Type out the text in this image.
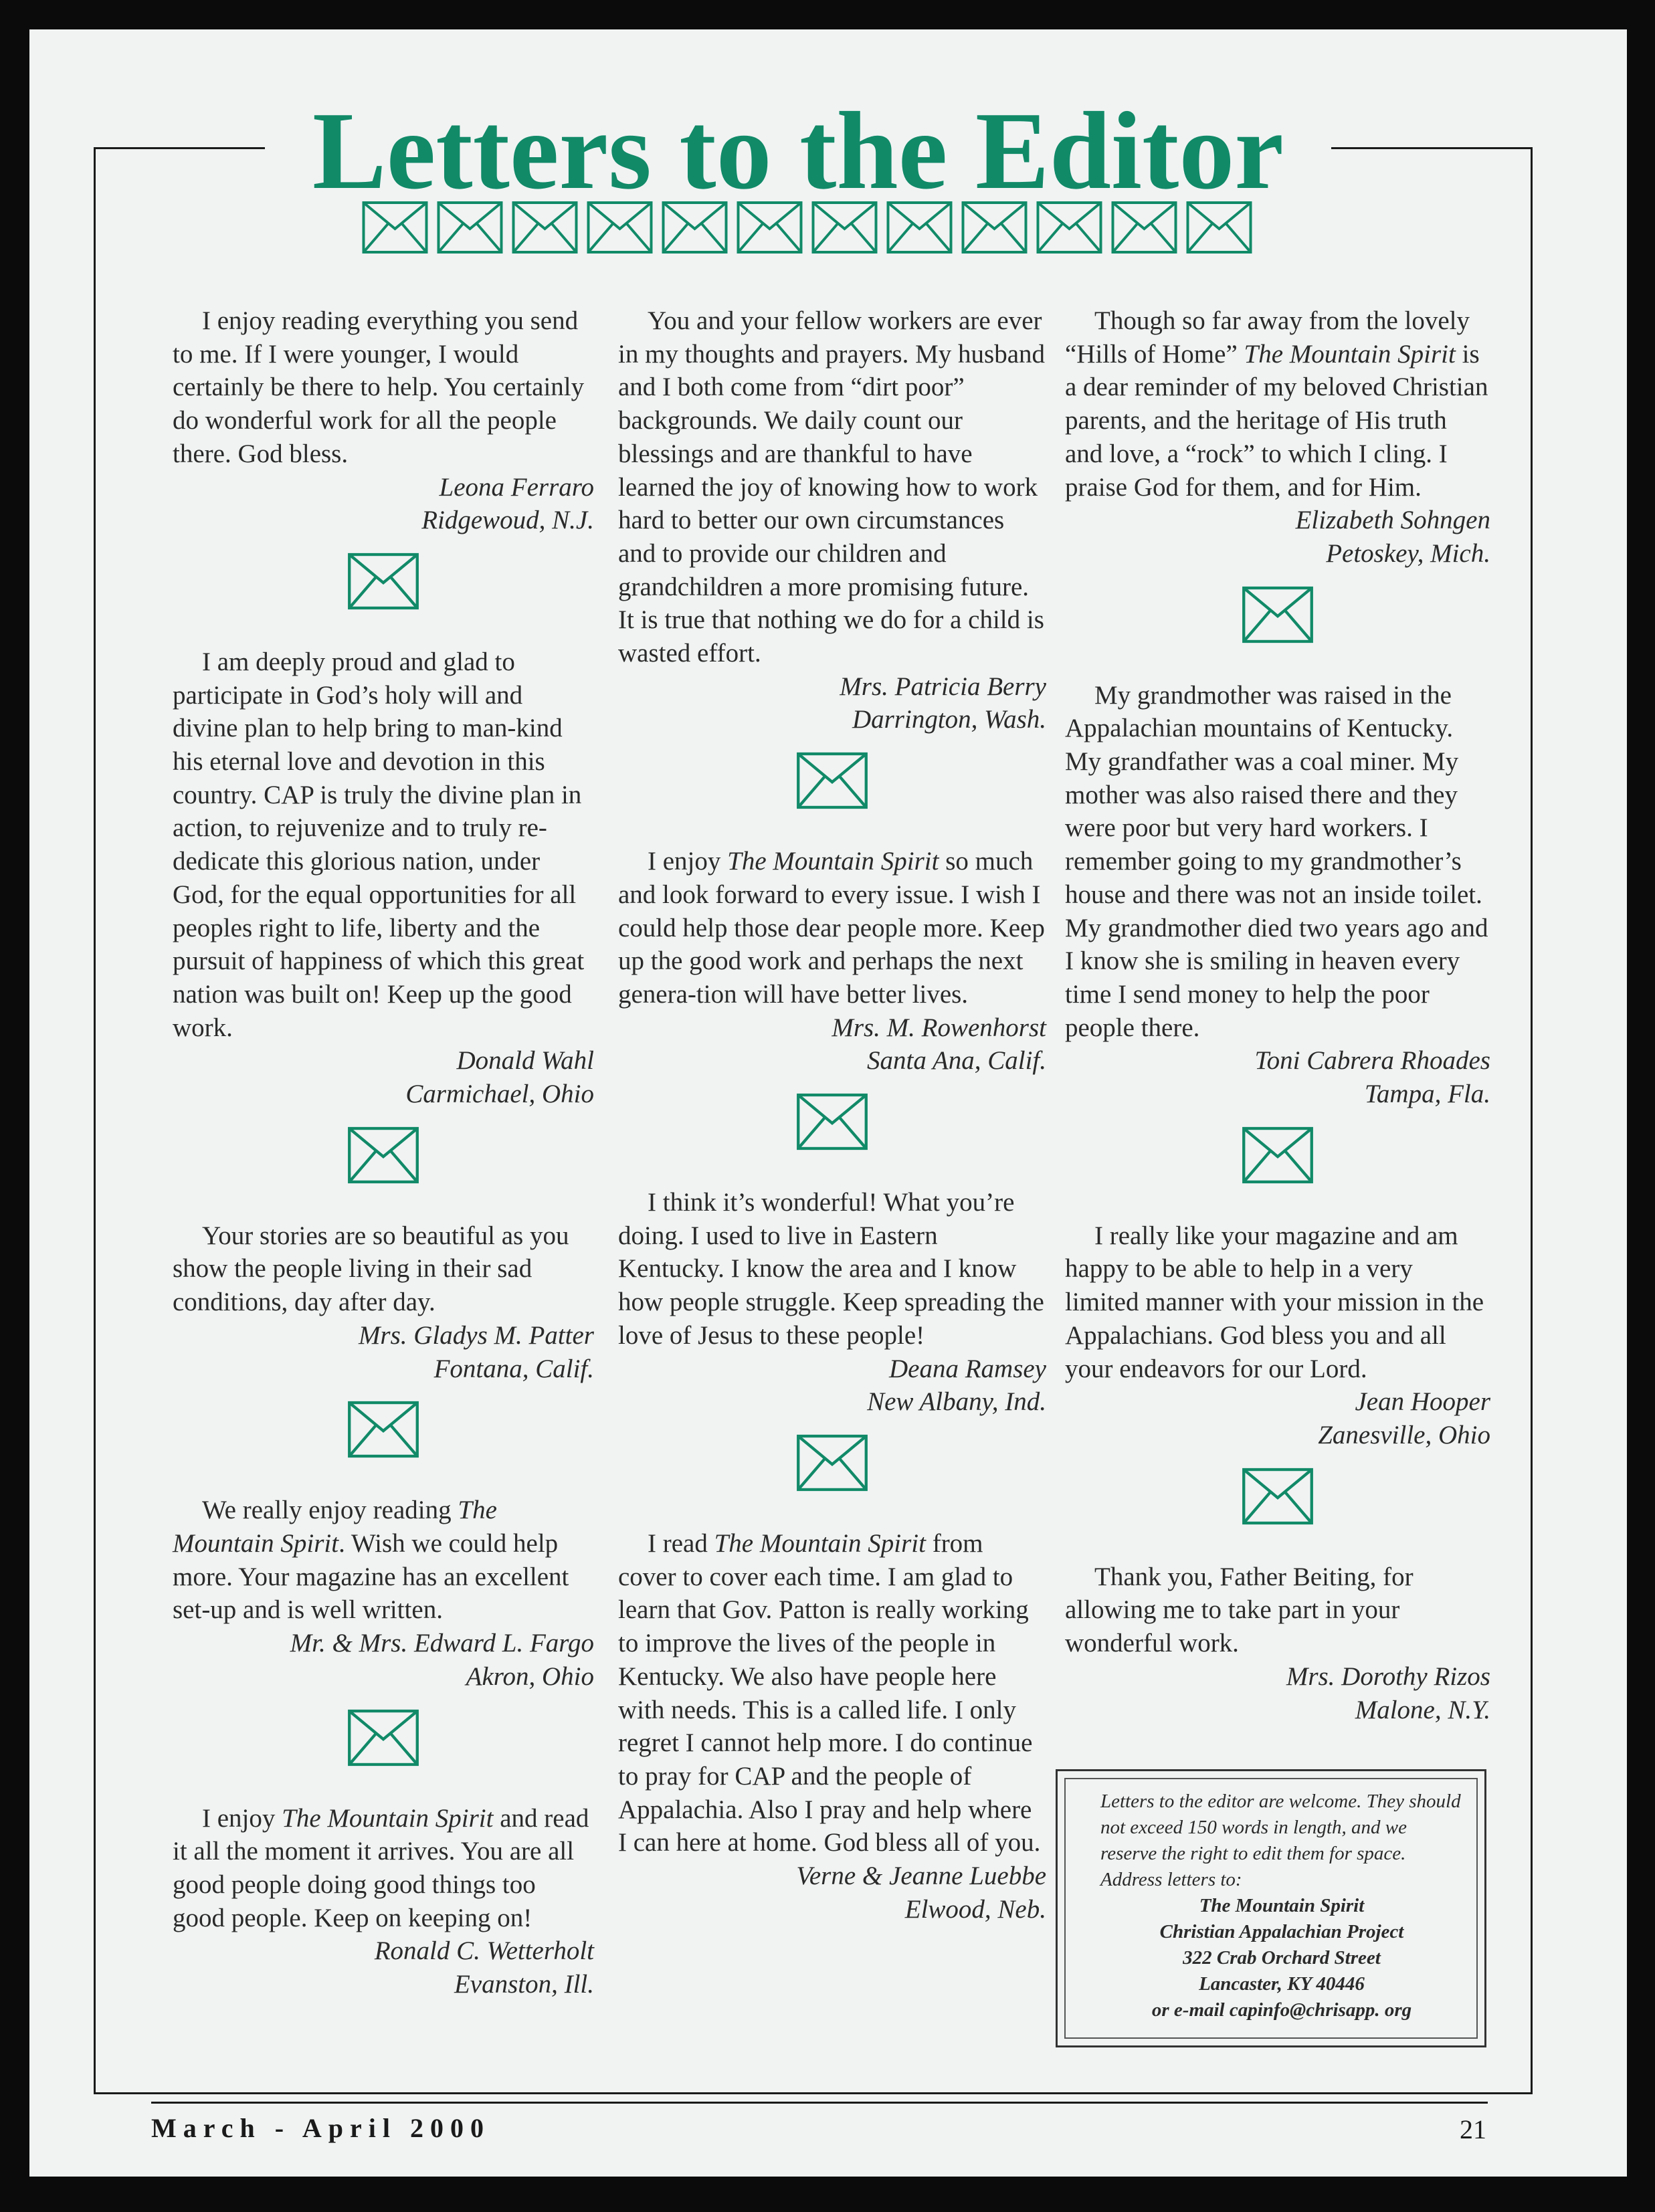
Letters to the Editor

I enjoy reading everything you send to me. If I were younger, I would certainly be there to help. You certainly do wonderful work for all the people there. God bless.

Leona Ferraro

Ridgewoud, N.J.

I am deeply proud and glad to participate in God’s holy will and divine plan to help bring to man-kind his eternal love and devotion in this country. CAP is truly the divine plan in action, to rejuvenize and to truly re-dedicate this glorious nation, under God, for the equal opportunities for all peoples right to life, liberty and the pursuit of happiness of which this great nation was built on! Keep up the good work.

Donald Wahl

Carmichael, Ohio

Your stories are so beautiful as you show the people living in their sad conditions, day after day.

Mrs. Gladys M. Patter

Fontana, Calif.

We really enjoy reading The Mountain Spirit. Wish we could help more. Your magazine has an excellent set-up and is well written.

Mr. & Mrs. Edward L. Fargo

Akron, Ohio

I enjoy The Mountain Spirit and read it all the moment it arrives. You are all good people doing good things too good people. Keep on keeping on!

Ronald C. Wetterholt

Evanston, Ill.

You and your fellow workers are ever in my thoughts and prayers. My husband and I both come from “dirt poor” backgrounds. We daily count our blessings and are thankful to have learned the joy of knowing how to work hard to better our own circumstances and to provide our children and grandchildren a more promising future. It is true that nothing we do for a child is wasted effort.

Mrs. Patricia Berry

Darrington, Wash.

I enjoy The Mountain Spirit so much and look forward to every issue. I wish I could help those dear people more. Keep up the good work and perhaps the next genera-tion will have better lives.

Mrs. M. Rowenhorst

Santa Ana, Calif.

I think it’s wonderful! What you’re doing. I used to live in Eastern Kentucky. I know the area and I know how people struggle. Keep spreading the love of Jesus to these people!

Deana Ramsey

New Albany, Ind.

I read The Mountain Spirit from cover to cover each time. I am glad to learn that Gov. Patton is really working to improve the lives of the people in Kentucky. We also have people here with needs. This is a called life. I only regret I cannot help more. I do continue to pray for CAP and the people of Appalachia. Also I pray and help where I can here at home. God bless all of you.

Verne & Jeanne Luebbe

Elwood, Neb.

Though so far away from the lovely “Hills of Home” The Mountain Spirit is a dear reminder of my beloved Christian parents, and the heritage of His truth and love, a “rock” to which I cling. I praise God for them, and for Him.

Elizabeth Sohngen

Petoskey, Mich.

My grandmother was raised in the Appalachian mountains of Kentucky. My grandfather was a coal miner. My mother was also raised there and they were poor but very hard workers. I remember going to my grandmother’s house and there was not an inside toilet. My grandmother died two years ago and I know she is smiling in heaven every time I send money to help the poor people there.

Toni Cabrera Rhoades

Tampa, Fla.

I really like your magazine and am happy to be able to help in a very limited manner with your mission in the Appalachians. God bless you and all your endeavors for our Lord.

Jean Hooper

Zanesville, Ohio

Thank you, Father Beiting, for allowing me to take part in your wonderful work.

Mrs. Dorothy Rizos

Malone, N.Y.

Letters to the editor are welcome. They should not exceed 150 words in length, and we reserve the right to edit them for space. Address letters to:

The Mountain Spirit

Christian Appalachian Project

322 Crab Orchard Street

Lancaster, KY 40446

or e-mail capinfo@chrisapp. org

March - April 2000	21
